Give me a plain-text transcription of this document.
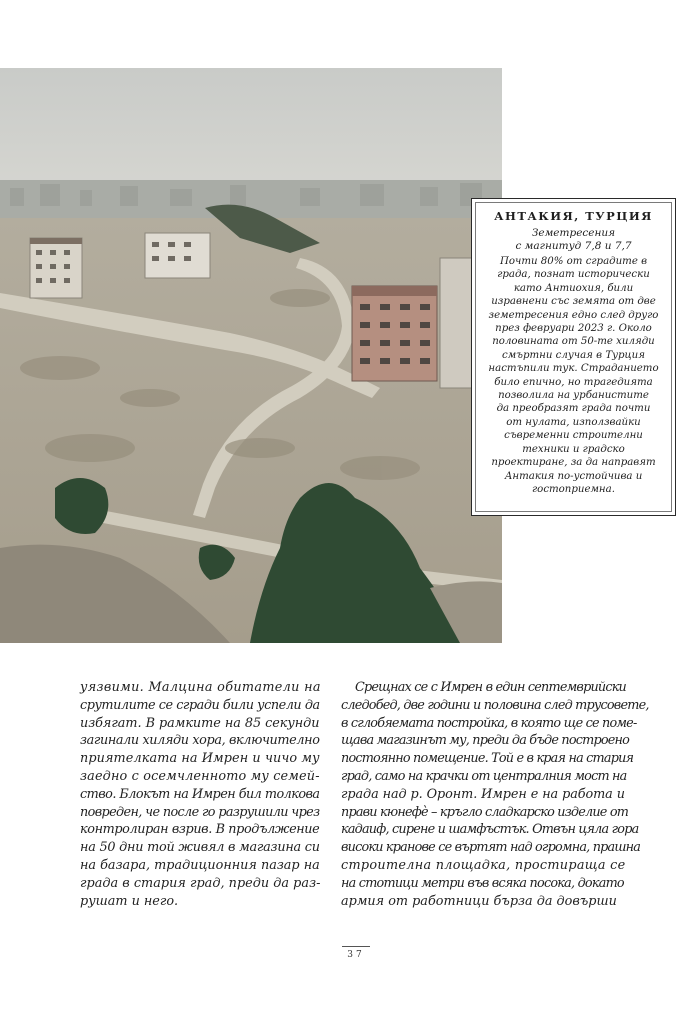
АНТАКИЯ, ТУРЦИЯ
Земетресения
с магнитуд 7,8 и 7,7
Почти 80% от сградите в
града, познат исторически
като Антиохия, били
изравнени със земята от две
земетресения едно след друго
през февруари 2023 г. Около
половината от 50-те хиляди
смъртни случая в Турция
настъпили тук. Страданието
било епично, но трагедията
позволила на урбанистите
да преобразят града почти
от нулата, използвайки
съвременни строителни
техники и градско
проектиране, за да направят
Антакия по-устойчива и
гостоприемна.
уязвими. Малцина обитатели на
срутилите се сгради били успели да
избягат. В рамките на 85 секунди
загинали хиляди хора, включително
приятелката на Имрен и чичо му
заедно с осемчленното му семей-
ство. Блокът на Имрен бил толкова
повреден, че после го разрушили чрез
контролиран взрив. В продължение
на 50 дни той живял в магазина си
на базара, традиционния пазар на
града в стария град, преди да раз-
рушат и него.
Срещнах се с Имрен в един септемврийски
следобед, две години и половина след трусовете,
в сглобяемата постройка, в която ще се поме-
щава магазинът му, преди да бъде построено
постоянно помещение. Той е в края на стария
град, само на крачки от централния мост на
града над р. Оронт. Имрен е на работа и
прави кюнефè – кръгло сладкарско изделие от
кадаиф, сирене и шамфъстък. Отвън цяла гора
високи кранове се въртят над огромна, прашна
строителна площадка, простираща се
на стотици метри във всяка посока, докато
армия от работници бърза да довърши
37
